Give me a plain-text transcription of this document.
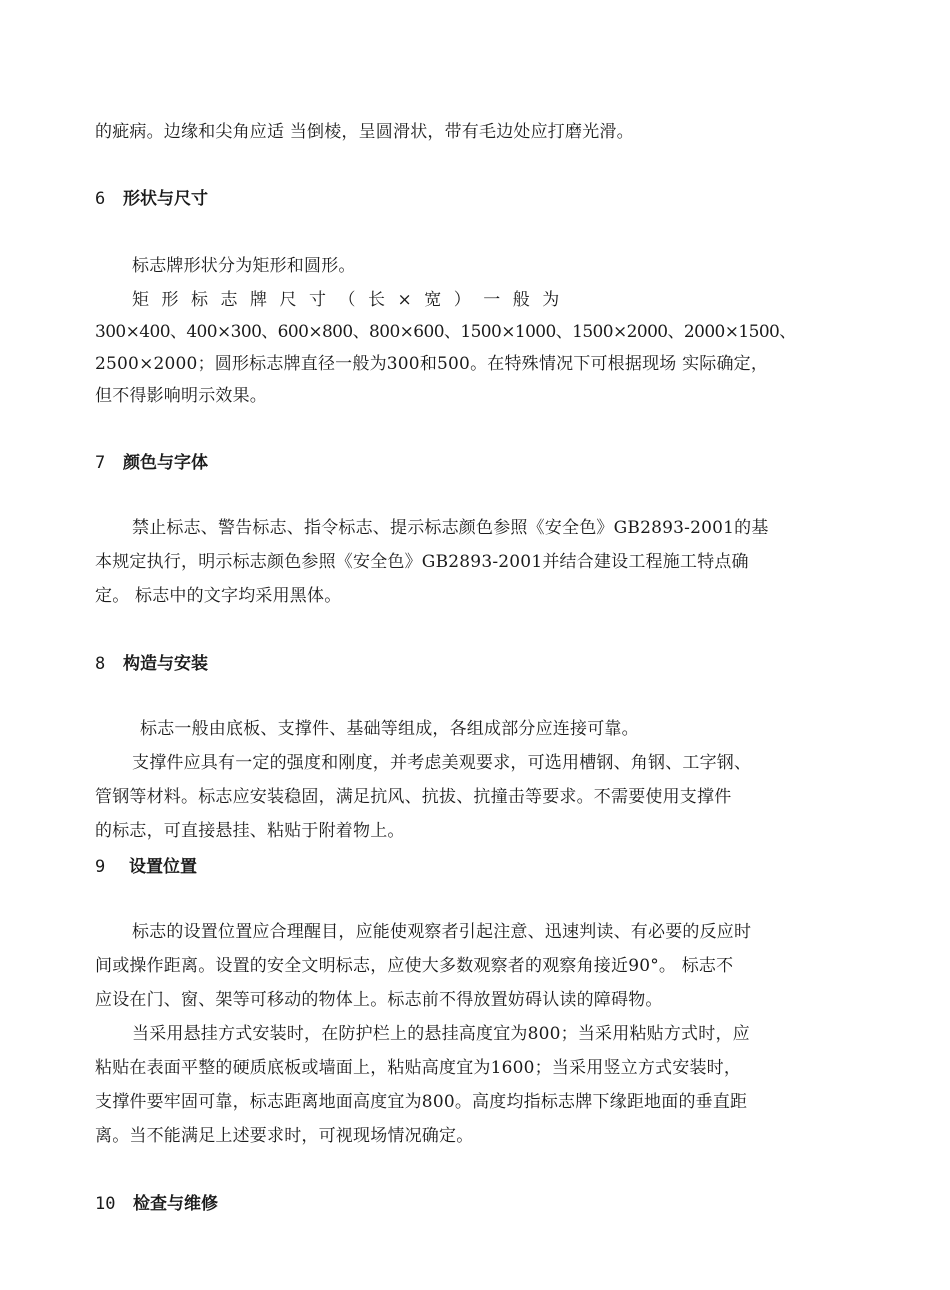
的疵病。边缘和尖角应适 当倒棱，呈圆滑状，带有毛边处应打磨光滑。
6 形状与尺寸
标志牌形状分为矩形和圆形。
矩形标志牌尺寸（长×宽）一般为
300×400、400×300、600×800、800×600、1500×1000、1500×2000、2000×1500、
2500×2000；圆形标志牌直径一般为300和500。在特殊情况下可根据现场 实际确定，
但不得影响明示效果。
7 颜色与字体
禁止标志、警告标志、指令标志、提示标志颜色参照《安全色》GB2893-2001的基
本规定执行，明示标志颜色参照《安全色》GB2893-2001并结合建设工程施工特点确
定。 标志中的文字均采用黑体。
8 构造与安装
标志一般由底板、支撑件、基础等组成，各组成部分应连接可靠。
支撑件应具有一定的强度和刚度，并考虑美观要求，可选用槽钢、角钢、工字钢、
管钢等材料。标志应安装稳固，满足抗风、抗拔、抗撞击等要求。不需要使用支撑件
的标志，可直接悬挂、粘贴于附着物上。
9 设置位置
标志的设置位置应合理醒目，应能使观察者引起注意、迅速判读、有必要的反应时
间或操作距离。设置的安全文明标志，应使大多数观察者的观察角接近90°。 标志不
应设在门、窗、架等可移动的物体上。标志前不得放置妨碍认读的障碍物。
当采用悬挂方式安装时，在防护栏上的悬挂高度宜为800；当采用粘贴方式时，应
粘贴在表面平整的硬质底板或墙面上，粘贴高度宜为1600；当采用竖立方式安装时，
支撑件要牢固可靠，标志距离地面高度宜为800。高度均指标志牌下缘距地面的垂直距
离。当不能满足上述要求时，可视现场情况确定。
10 检查与维修
